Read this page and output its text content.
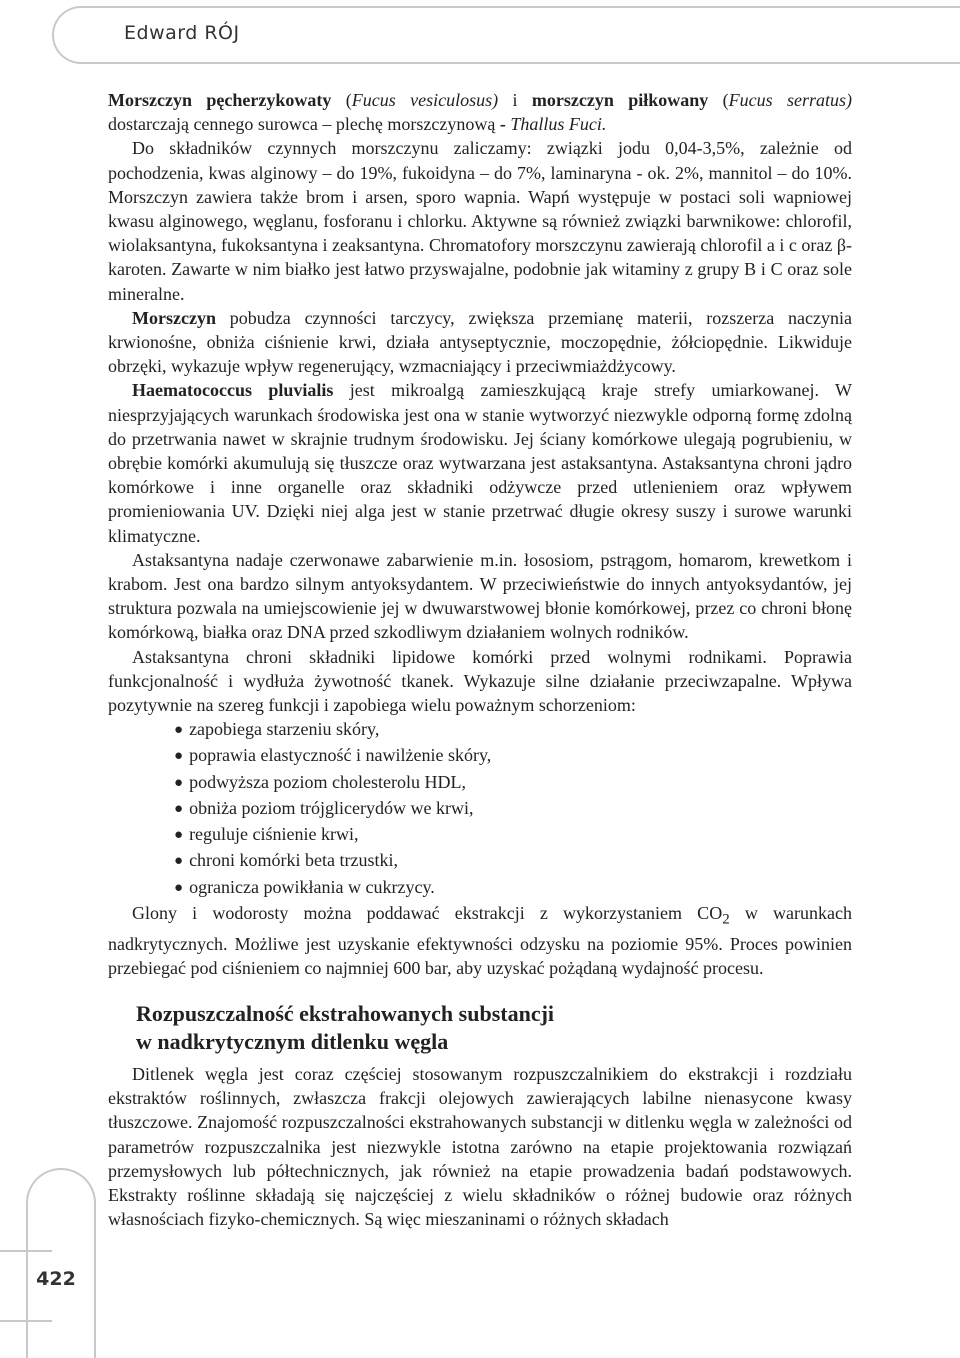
Edward RÓJ

Morszczyn pęcherzykowaty (Fucus vesiculosus) i morszczyn piłkowany (Fucus serratus) dostarczają cennego surowca – plechę morszczynową - Thallus Fuci.

Do składników czynnych morszczynu zaliczamy: związki jodu 0,04-3,5%, zależnie od pochodzenia, kwas alginowy – do 19%, fukoidyna – do 7%, laminaryna - ok. 2%, mannitol – do 10%. Morszczyn zawiera także brom i arsen, sporo wapnia. Wapń występuje w postaci soli wapniowej kwasu alginowego, węglanu, fosforanu i chlorku. Aktywne są również związki barwnikowe: chlorofil, wiolaksantyna, fukoksantyna i zeaksantyna. Chromatofory morszczynu zawierają chlorofil a i c oraz β-karoten. Zawarte w nim białko jest łatwo przyswajalne, podobnie jak witaminy z grupy B i C oraz sole mineralne.

Morszczyn pobudza czynności tarczycy, zwiększa przemianę materii, rozszerza naczynia krwionośne, obniża ciśnienie krwi, działa antyseptycznie, moczopędnie, żółciopędnie. Likwiduje obrzęki, wykazuje wpływ regenerujący, wzmacniający i przeciwmiażdżycowy.

Haematococcus pluvialis jest mikroalgą zamieszkującą kraje strefy umiarkowanej. W niesprzyjających warunkach środowiska jest ona w stanie wytworzyć niezwykle odporną formę zdolną do przetrwania nawet w skrajnie trudnym środowisku. Jej ściany komórkowe ulegają pogrubieniu, w obrębie komórki akumulują się tłuszcze oraz wytwarzana jest astaksantyna. Astaksantyna chroni jądro komórkowe i inne organelle oraz składniki odżywcze przed utlenieniem oraz wpływem promieniowania UV. Dzięki niej alga jest w stanie przetrwać długie okresy suszy i surowe warunki klimatyczne.

Astaksantyna nadaje czerwonawe zabarwienie m.in. łososiom, pstrągom, homarom, krewetkom i krabom. Jest ona bardzo silnym antyoksydantem. W przeciwieństwie do innych antyoksydantów, jej struktura pozwala na umiejscowienie jej w dwuwarstwowej błonie komórkowej, przez co chroni błonę komórkową, białka oraz DNA przed szkodliwym działaniem wolnych rodników.

Astaksantyna chroni składniki lipidowe komórki przed wolnymi rodnikami. Poprawia funkcjonalność i wydłuża żywotność tkanek. Wykazuje silne działanie przeciwzapalne. Wpływa pozytywnie na szereg funkcji i zapobiega wielu poważnym schorzeniom:

● zapobiega starzeniu skóry,
● poprawia elastyczność i nawilżenie skóry,
● podwyższa poziom cholesterolu HDL,
● obniża poziom trójglicerydów we krwi,
● reguluje ciśnienie krwi,
● chroni komórki beta trzustki,
● ogranicza powikłania w cukrzycy.

Glony i wodorosty można poddawać ekstrakcji z wykorzystaniem $CO_2$ w warunkach nadkrytycznych. Możliwe jest uzyskanie efektywności odzysku na poziomie 95%. Proces powinien przebiegać pod ciśnieniem co najmniej 600 bar, aby uzyskać pożądaną wydajność procesu.

Rozpuszczalność ekstrahowanych substancji
w nadkrytycznym ditlenku węgla

Ditlenek węgla jest coraz częściej stosowanym rozpuszczalnikiem do ekstrakcji i rozdziału ekstraktów roślinnych, zwłaszcza frakcji olejowych zawierających labilne nienasycone kwasy tłuszczowe. Znajomość rozpuszczalności ekstrahowanych substancji w ditlenku węgla w zależności od parametrów rozpuszczalnika jest niezwykle istotna zarówno na etapie projektowania rozwiązań przemysłowych lub półtechnicznych, jak również na etapie prowadzenia badań podstawowych. Ekstrakty roślinne składają się najczęściej z wielu składników o różnej budowie oraz różnych własnościach fizyko-chemicznych. Są więc mieszaninami o różnych składach

422
